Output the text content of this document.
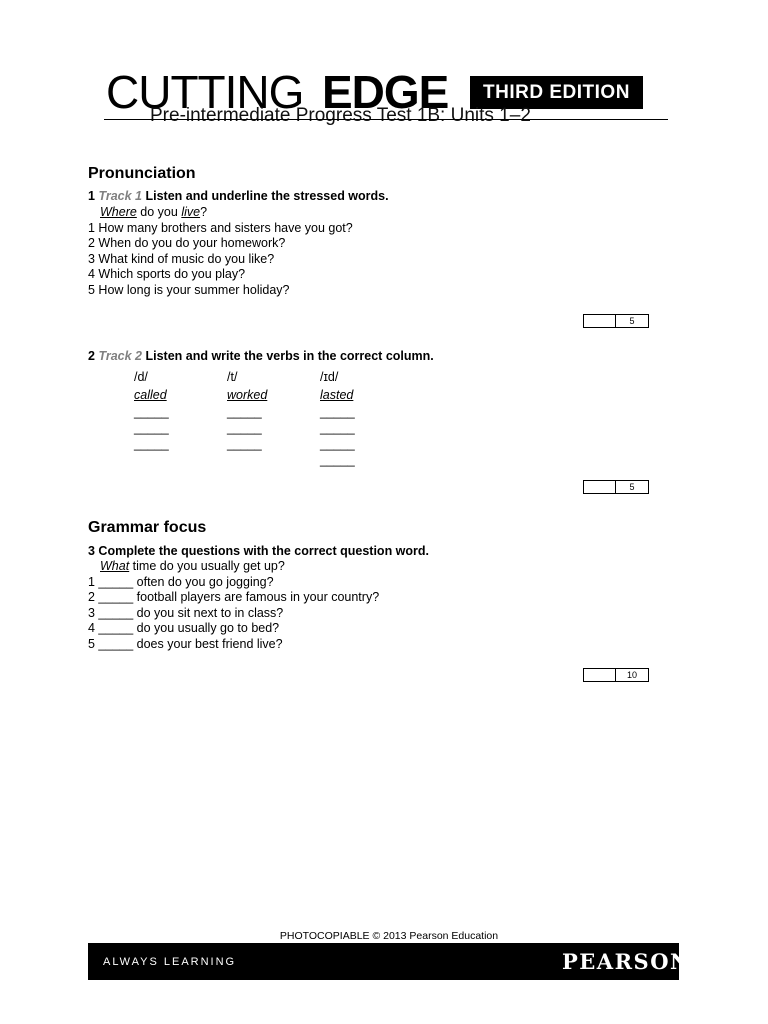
CUTTING EDGE	THIRD EDITION
Pre-intermediate Progress Test 1B: Units 1–2
Pronunciation
1 Track 1 Listen and underline the stressed words.
Where do you live?
1 How many brothers and sisters have you got?
2 When do you do your homework?
3 What kind of music do you like?
4 Which sports do you play?
5 How long is your summer holiday?
5
2 Track 2 Listen and write the verbs in the correct column.
/d/
called
_____
_____
_____
/t/
worked
_____
_____
_____
/ɪd/
lasted
_____
_____
_____
_____
5
Grammar focus
3 Complete the questions with the correct question word.
What time do you usually get up?
1 _____ often do you go jogging?
2 _____ football players are famous in your country?
3 _____ do you sit next to in class?
4 _____ do you usually go to bed?
5 _____ does your best friend live?
10
PHOTOCOPIABLE © 2013 Pearson Education
ALWAYS LEARNING	PEARSON
